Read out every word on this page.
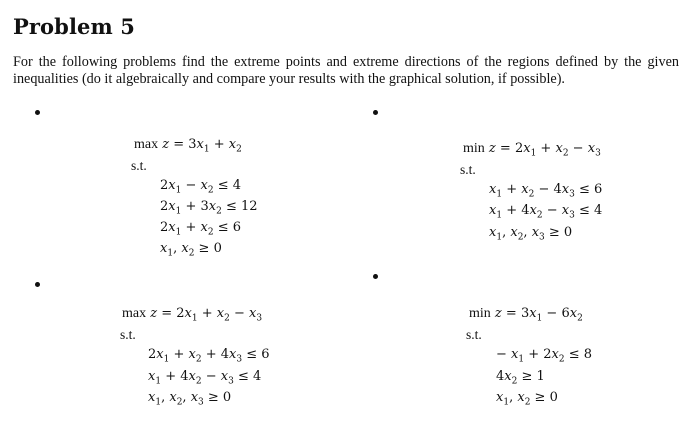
Problem 5
For the following problems find the extreme points and extreme directions of the regions defined by the given inequalities (do it algebraically and compare your results with the graphical solution, if possible).
$\max z = 3x_1 + x_2$
s.t.
$2x_1 - x_2 \le 4$
$2x_1 + 3x_2 \le 12$
$2x_1 + x_2 \le 6$
$x_1$, $x_2 \ge 0$
$\min z = 2x_1 + x_2 - x_3$
s.t.
$x_1 + x_2 - 4x_3 \le 6$
$x_1 + 4x_2 - x_3 \le 4$
$x_1$, $x_2$, $x_3 \ge 0$
$\max z = 2x_1 + x_2 - x_3$
s.t.
$2x_1 + x_2 + 4x_3 \le 6$
$x_1 + 4x_2 - x_3 \le 4$
$x_1$, $x_2$, $x_3 \ge 0$
$\min z = 3x_1 - 6x_2$
s.t.
− $x_1 + 2x_2 \le 8$
$4x_2 \ge 1$
$x_1$, $x_2 \ge 0$
